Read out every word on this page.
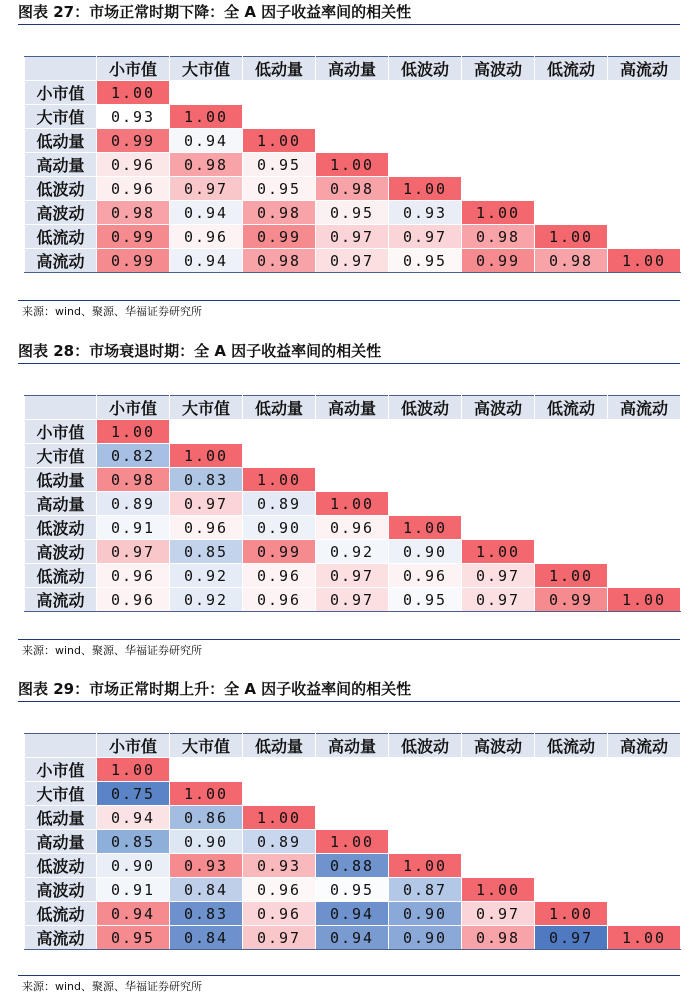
图表 27：市场正常时期下降：全 A 因子收益率间的相关性
	小市值	大市值	低动量	高动量	低波动	高波动	低流动	高流动
小市值	1.00							
大市值	0.93	1.00						
低动量	0.99	0.94	1.00					
高动量	0.96	0.98	0.95	1.00				
低波动	0.96	0.97	0.95	0.98	1.00			
高波动	0.98	0.94	0.98	0.95	0.93	1.00		
低流动	0.99	0.96	0.99	0.97	0.97	0.98	1.00	
高流动	0.99	0.94	0.98	0.97	0.95	0.99	0.98	1.00
来源：wind、聚源、华福证券研究所
图表 28：市场衰退时期：全 A 因子收益率间的相关性
	小市值	大市值	低动量	高动量	低波动	高波动	低流动	高流动
小市值	1.00							
大市值	0.82	1.00						
低动量	0.98	0.83	1.00					
高动量	0.89	0.97	0.89	1.00				
低波动	0.91	0.96	0.90	0.96	1.00			
高波动	0.97	0.85	0.99	0.92	0.90	1.00		
低流动	0.96	0.92	0.96	0.97	0.96	0.97	1.00	
高流动	0.96	0.92	0.96	0.97	0.95	0.97	0.99	1.00
来源：wind、聚源、华福证券研究所
图表 29：市场正常时期上升：全 A 因子收益率间的相关性
	小市值	大市值	低动量	高动量	低波动	高波动	低流动	高流动
小市值	1.00							
大市值	0.75	1.00						
低动量	0.94	0.86	1.00					
高动量	0.85	0.90	0.89	1.00				
低波动	0.90	0.93	0.93	0.88	1.00			
高波动	0.91	0.84	0.96	0.95	0.87	1.00		
低流动	0.94	0.83	0.96	0.94	0.90	0.97	1.00	
高流动	0.95	0.84	0.97	0.94	0.90	0.98	0.97	1.00
来源：wind、聚源、华福证券研究所
